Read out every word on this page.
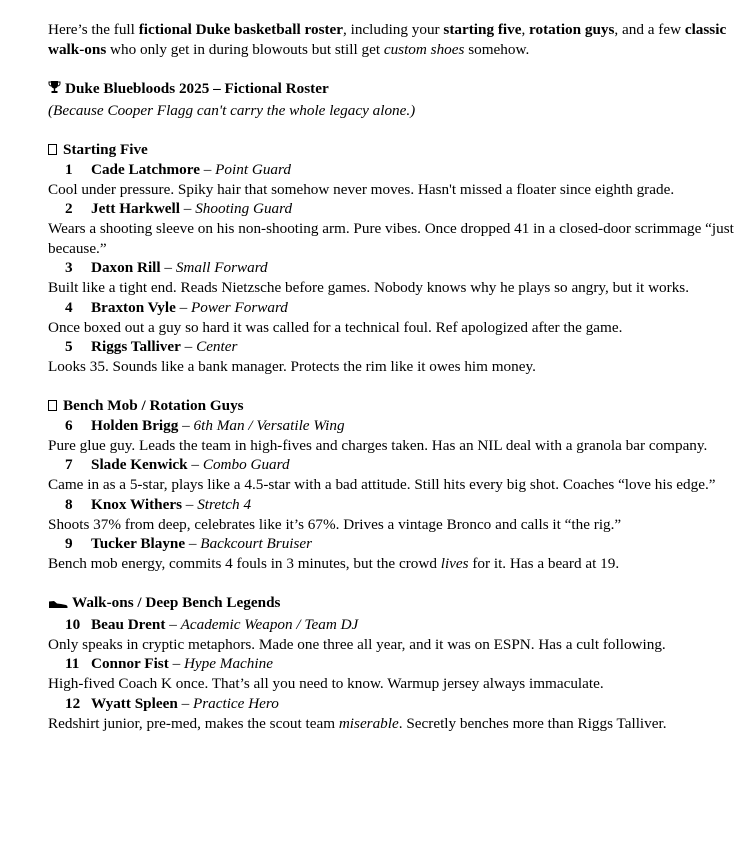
Here’s the full fictional Duke basketball roster, including your starting five, rotation guys, and a few classic walk-ons who only get in during blowouts but still get custom shoes somehow.

Duke Bluebloods 2025 – Fictional Roster

(Because Cooper Flagg can't carry the whole legacy alone.)

Starting Five

1 Cade Latchmore – Point Guard

Cool under pressure. Spiky hair that somehow never moves. Hasn't missed a floater since eighth grade.

2 Jett Harkwell – Shooting Guard

Wears a shooting sleeve on his non-shooting arm. Pure vibes. Once dropped 41 in a closed-door scrimmage “just because.”

3 Daxon Rill – Small Forward

Built like a tight end. Reads Nietzsche before games. Nobody knows why he plays so angry, but it works.

4 Braxton Vyle – Power Forward

Once boxed out a guy so hard it was called for a technical foul. Ref apologized after the game.

5 Riggs Talliver – Center

Looks 35. Sounds like a bank manager. Protects the rim like it owes him money.

Bench Mob / Rotation Guys

6 Holden Brigg – 6th Man / Versatile Wing

Pure glue guy. Leads the team in high-fives and charges taken. Has an NIL deal with a granola bar company.

7 Slade Kenwick – Combo Guard

Came in as a 5-star, plays like a 4.5-star with a bad attitude. Still hits every big shot. Coaches “love his edge.”

8 Knox Withers – Stretch 4

Shoots 37% from deep, celebrates like it’s 67%. Drives a vintage Bronco and calls it “the rig.”

9 Tucker Blayne – Backcourt Bruiser

Bench mob energy, commits 4 fouls in 3 minutes, but the crowd lives for it. Has a beard at 19.

Walk-ons / Deep Bench Legends

10 Beau Drent – Academic Weapon / Team DJ

Only speaks in cryptic metaphors. Made one three all year, and it was on ESPN. Has a cult following.

11 Connor Fist – Hype Machine

High-fived Coach K once. That’s all you need to know. Warmup jersey always immaculate.

12 Wyatt Spleen – Practice Hero

Redshirt junior, pre-med, makes the scout team miserable. Secretly benches more than Riggs Talliver.
